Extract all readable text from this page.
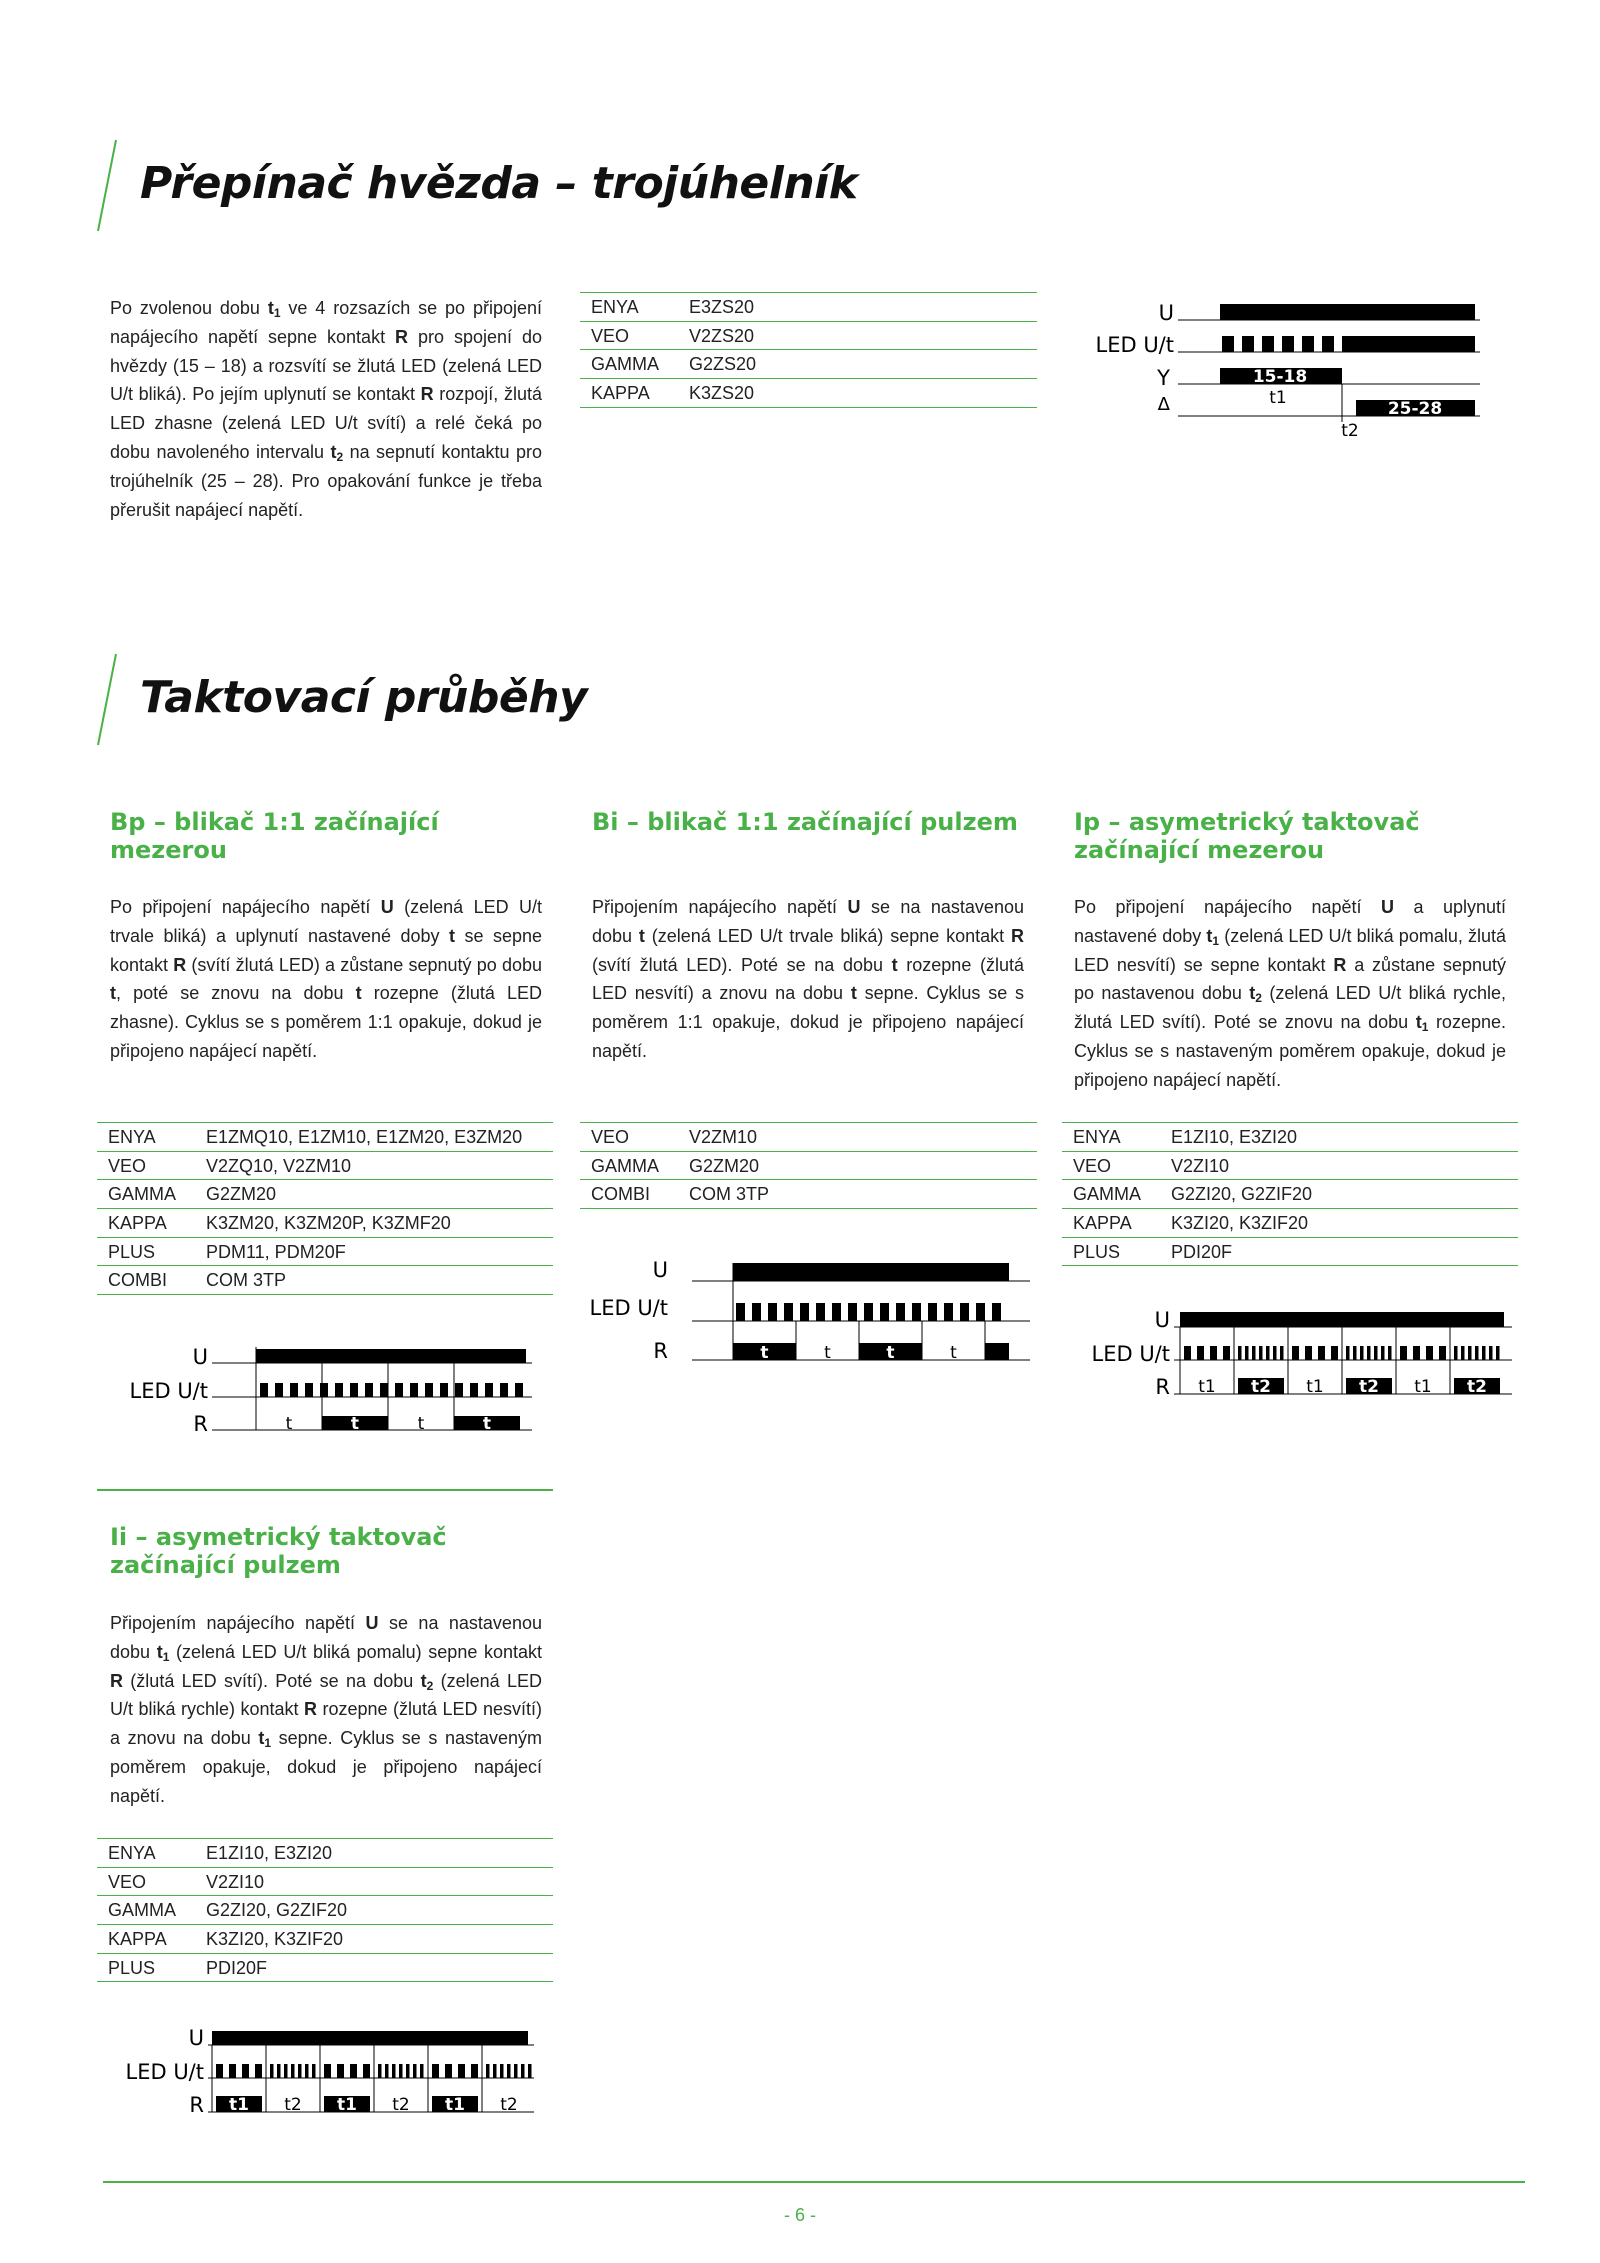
Přepínač hvězda – trojúhelník
Po zvolenou dobu $t_1$ ve 4 rozsazích se po připojení napájecího napětí sepne kontakt R pro spojení do hvězdy (15 – 18) a rozsvítí se žlutá LED (zelená LED U/t bliká). Po jejím uplynutí se kontakt R rozpojí, žlutá LED zhasne (zelená LED U/t svítí) a relé čeká po dobu navoleného intervalu $t_2$ na sepnutí kontaktu pro trojúhelník (25 – 28). Pro opakování funkce je třeba přerušit napájecí napětí.
ENYA	E3ZS20
VEO	V2ZS20
GAMMA	G2ZS20
KAPPA	K3ZS20
U
LED U/t
Y
Δ
15-18
25-28
t1
t2
Taktovací průběhy
Bp – blikač 1:1 začínající mezerou
Po připojení napájecího napětí U (zelená LED U/t trvale bliká) a uplynutí nastavené doby t se sepne kontakt R (svítí žlutá LED) a zůstane sepnutý po dobu t, poté se znovu na dobu t rozepne (žlutá LED zhasne). Cyklus se s poměrem 1:1 opakuje, dokud je připojeno napájecí napětí.
ENYA	E1ZMQ10, E1ZM10, E1ZM20, E3ZM20
VEO	V2ZQ10, V2ZM10
GAMMA	G2ZM20
KAPPA	K3ZM20, K3ZM20P, K3ZMF20
PLUS	PDM11, PDM20F
COMBI	COM 3TP
U
LED U/t
R	t	t	t	t
Bi – blikač 1:1 začínající pulzem
Připojením napájecího napětí U se na nastavenou dobu t (zelená LED U/t trvale bliká) sepne kontakt R (svítí žlutá LED). Poté se na dobu t rozepne (žlutá LED nesvítí) a znovu na dobu t sepne. Cyklus se s poměrem 1:1 opakuje, dokud je připojeno napájecí napětí.
VEO	V2ZM10
GAMMA	G2ZM20
COMBI	COM 3TP
U
LED U/t
R	t	t	t	t
Ip – asymetrický taktovač začínající mezerou
Po připojení napájecího napětí U a uplynutí nastavené doby $t_1$ (zelená LED U/t bliká pomalu, žlutá LED nesvítí) se sepne kontakt R a zůstane sepnutý po nastavenou dobu $t_2$ (zelená LED U/t bliká rychle, žlutá LED svítí). Poté se znovu na dobu $t_1$ rozepne. Cyklus se s nastaveným poměrem opakuje, dokud je připojeno napájecí napětí.
ENYA	E1ZI10, E3ZI20
VEO	V2ZI10
GAMMA	G2ZI20, G2ZIF20
KAPPA	K3ZI20, K3ZIF20
PLUS	PDI20F
U
LED U/t
R t1 t2 t1 t2 t1 t2
Ii – asymetrický taktovač začínající pulzem
Připojením napájecího napětí U se na nastavenou dobu $t_1$ (zelená LED U/t bliká pomalu) sepne kontakt R (žlutá LED svítí). Poté se na dobu $t_2$ (zelená LED U/t bliká rychle) kontakt R rozepne (žlutá LED nesvítí) a znovu na dobu $t_1$ sepne. Cyklus se s nastaveným poměrem opakuje, dokud je připojeno napájecí napětí.
ENYA	E1ZI10, E3ZI20
VEO	V2ZI10
GAMMA	G2ZI20, G2ZIF20
KAPPA	K3ZI20, K3ZIF20
PLUS	PDI20F
U
LED U/t
R t1 t2 t1 t2 t1 t2
- 6 -
